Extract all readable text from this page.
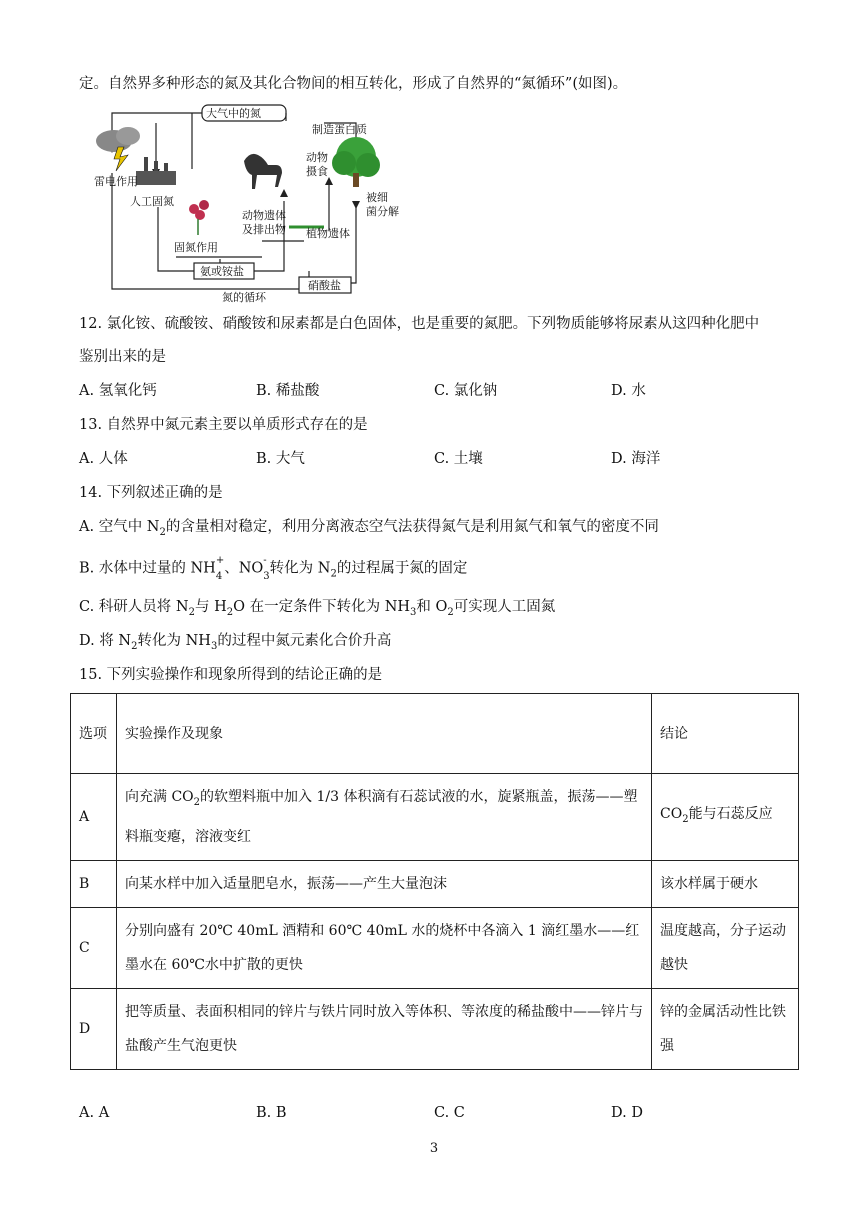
定。自然界多种形态的氮及其化合物间的相互转化，形成了自然界的“氮循环”(如图)。
大气中的氮
制造蛋白质
雷电作用
人工固氮
动物
摄食
被细
菌分解
动物遗体
及排出物 植物遗体
固氮作用
氨或铵盐
硝酸盐
氮的循环
12. 氯化铵、硫酸铵、硝酸铵和尿素都是白色固体，也是重要的氮肥。下列物质能够将尿素从这四种化肥中
鉴别出来的是
A. 氢氧化钙	B. 稀盐酸	C. 氯化钠	D. 水
13. 自然界中氮元素主要以单质形式存在的是
A. 人体	B. 大气	C. 土壤	D. 海洋
14. 下列叙述正确的是
A. 空气中 $N_2$的含量相对稳定，利用分离液态空气法获得氮气是利用氮气和氧气的密度不同
B. 水体中过量的 NH+
$_4$、NO-
$_3$转化为 $N_2$的过程属于氮的固定
C. 科研人员将 $N_2$与 $H_2O$ 在一定条件下转化为 $NH_3$和 $O_2$可实现人工固氮
D. 将 $N_2$转化为 $NH_3$的过程中氮元素化合价升高
15. 下列实验操作和现象所得到的结论正确的是
选项	实验操作及现象	结论
A	向充满 $CO_2$的软塑料瓶中加入 1/3 体积滴有石蕊试液的水，旋紧瓶盖，振荡——塑料瓶变瘪，溶液变红	$CO_2$能与石蕊反应
B	向某水样中加入适量肥皂水，振荡——产生大量泡沫	该水样属于硬水
C	分别向盛有 20℃ 40mL 酒精和 60℃ 40mL 水的烧杯中各滴入 1 滴红墨水——红墨水在 60℃水中扩散的更快	温度越高，分子运动越快
D	把等质量、表面积相同的锌片与铁片同时放入等体积、等浓度的稀盐酸中——锌片与盐酸产生气泡更快	锌的金属活动性比铁强
A. A	B. B	C. C	D. D
3
